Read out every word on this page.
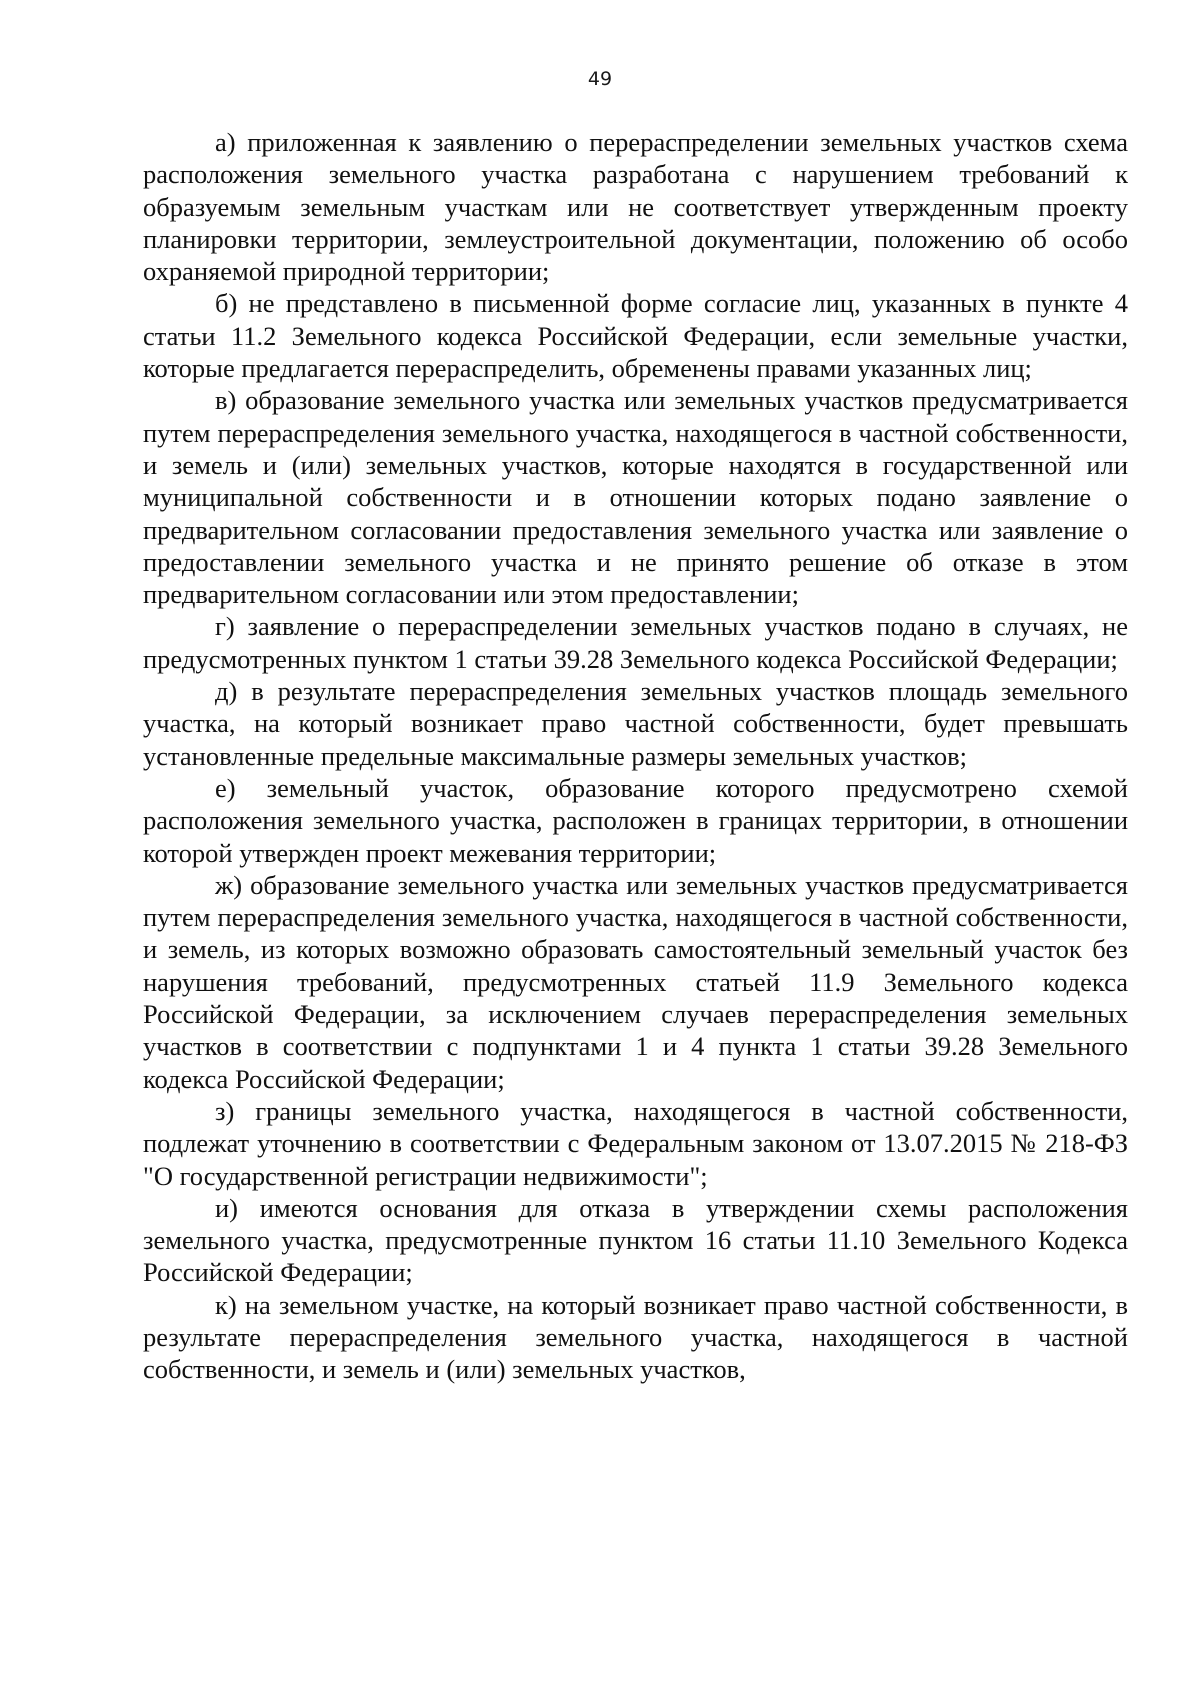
49

а) приложенная к заявлению о перераспределении земельных участков схема расположения земельного участка разработана с нарушением требований к образуемым земельным участкам или не соответствует утвержденным проекту планировки территории, землеустроительной документации, положению об особо охраняемой природной территории;

б) не представлено в письменной форме согласие лиц, указанных в пункте 4 статьи 11.2 Земельного кодекса Российской Федерации, если земельные участки, которые предлагается перераспределить, обременены правами указанных лиц;

в) образование земельного участка или земельных участков предусматривается путем перераспределения земельного участка, находящегося в частной собственности, и земель и (или) земельных участков, которые находятся в государственной или муниципальной собственности и в отношении которых подано заявление о предварительном согласовании предоставления земельного участка или заявление о предоставлении земельного участка и не принято решение об отказе в этом предварительном согласовании или этом предоставлении;

г) заявление о перераспределении земельных участков подано в случаях, не предусмотренных пунктом 1 статьи 39.28 Земельного кодекса Российской Федерации;

д) в результате перераспределения земельных участков площадь земельного участка, на который возникает право частной собственности, будет превышать установленные предельные максимальные размеры земельных участков;

е) земельный участок, образование которого предусмотрено схемой расположения земельного участка, расположен в границах территории, в отношении которой утвержден проект межевания территории;

ж) образование земельного участка или земельных участков предусматривается путем перераспределения земельного участка, находящегося в частной собственности, и земель, из которых возможно образовать самостоятельный земельный участок без нарушения требований, предусмотренных статьей 11.9 Земельного кодекса Российской Федерации, за исключением случаев перераспределения земельных участков в соответствии с подпунктами 1 и 4 пункта 1 статьи 39.28 Земельного кодекса Российской Федерации;

з) границы земельного участка, находящегося в частной собственности, подлежат уточнению в соответствии с Федеральным законом от 13.07.2015 № 218-ФЗ "О государственной регистрации недвижимости";

и) имеются основания для отказа в утверждении схемы расположения земельного участка, предусмотренные пунктом 16 статьи 11.10 Земельного Кодекса Российской Федерации;

к) на земельном участке, на который возникает право частной собственности, в результате перераспределения земельного участка, находящегося в частной собственности, и земель и (или) земельных участков,
